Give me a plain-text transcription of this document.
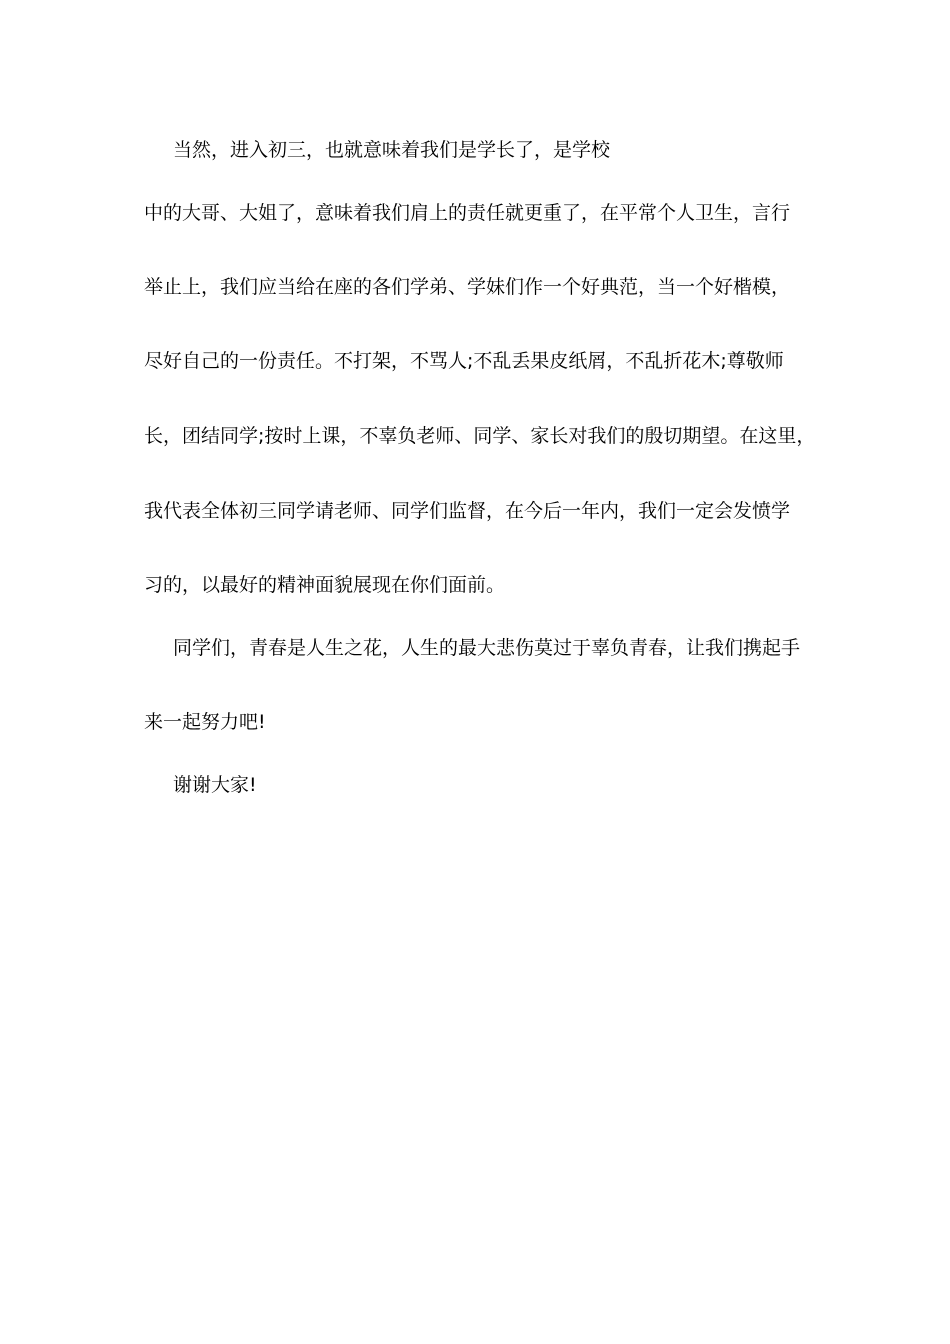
当然，进入初三，也就意味着我们是学长了，是学校
中的大哥、大姐了，意味着我们肩上的责任就更重了，在平常个人卫生，言行
举止上，我们应当给在座的各们学弟、学妹们作一个好典范，当一个好楷模，
尽好自己的一份责任。不打架，不骂人;不乱丢果皮纸屑，不乱折花木;尊敬师
长，团结同学;按时上课，不辜负老师、同学、家长对我们的殷切期望。在这里，
我代表全体初三同学请老师、同学们监督，在今后一年内，我们一定会发愤学
习的，以最好的精神面貌展现在你们面前。
同学们，青春是人生之花，人生的最大悲伤莫过于辜负青春，让我们携起手
来一起努力吧!
谢谢大家!
